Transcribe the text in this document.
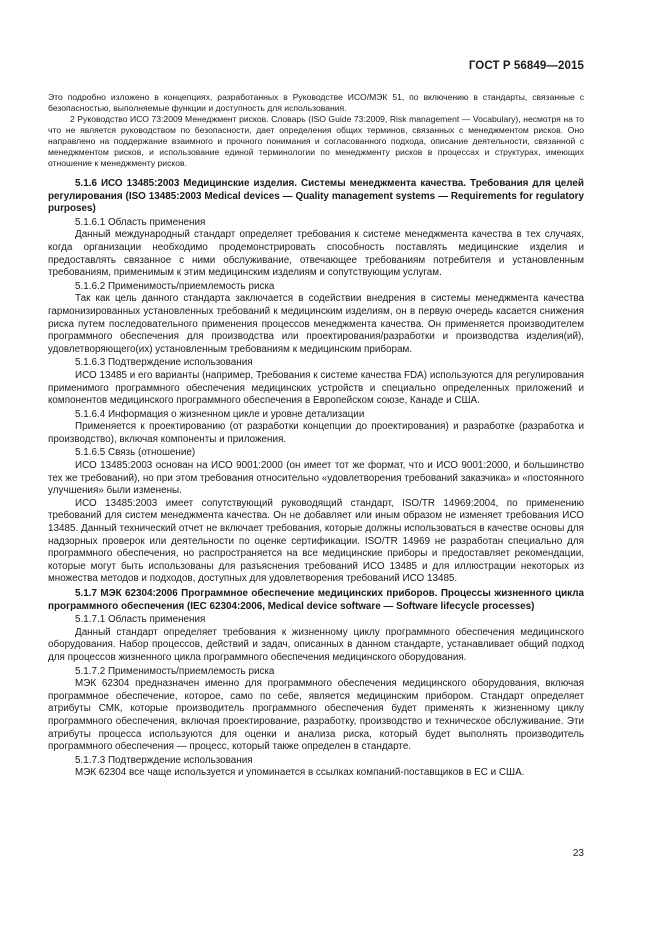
ГОСТ Р 56849—2015

Это подробно изложено в концепциях, разработанных в Руководстве ИСО/МЭК 51, по включению в стандарты, связанные с безопасностью, выполняемые функции и доступность для использования.

2 Руководство ИСО 73:2009 Менеджмент рисков. Словарь (ISO Guide 73:2009, Risk management — Vocabulary), несмотря на то что не является руководством по безопасности, дает определения общих терминов, связанных с менеджментом рисков. Оно направлено на поддержание взаимного и прочного понимания и согласованного подхода, описание деятельности, связанной с менеджментом рисков, и использование единой терминологии по менеджменту рисков в процессах и структурах, имеющих отношение к менеджменту рисков.

5.1.6 ИСО 13485:2003 Медицинские изделия. Системы менеджмента качества. Требования для целей регулирования (ISO 13485:2003 Medical devices — Quality management systems — Requirements for regulatory purposes)

5.1.6.1 Область применения

Данный международный стандарт определяет требования к системе менеджмента качества в тех случаях, когда организации необходимо продемонстрировать способность поставлять медицинские изделия и предоставлять связанное с ними обслуживание, отвечающее требованиям потребителя и установленным требованиям, применимым к этим медицинским изделиям и сопутствующим услугам.

5.1.6.2 Применимость/приемлемость риска

Так как цель данного стандарта заключается в содействии внедрения в системы менеджмента качества гармонизированных установленных требований к медицинским изделиям, он в первую очередь касается снижения риска путем последовательного применения процессов менеджмента качества. Он применяется производителем программного обеспечения для производства или проектирования/разработки и производства изделия(ий), удовлетворяющего(их) установленным требованиям к медицинским приборам.

5.1.6.3 Подтверждение использования

ИСО 13485 и его варианты (например, Требования к системе качества FDA) используются для регулирования применимого программного обеспечения медицинских устройств и специально определенных приложений и компонентов медицинского программного обеспечения в Европейском союзе, Канаде и США.

5.1.6.4 Информация о жизненном цикле и уровне детализации

Применяется к проектированию (от разработки концепции до проектирования) и разработке (разработка и производство), включая компоненты и приложения.

5.1.6.5 Связь (отношение)

ИСО 13485:2003 основан на ИСО 9001:2000 (он имеет тот же формат, что и ИСО 9001:2000, и большинство тех же требований), но при этом требования относительно «удовлетворения требований заказчика» и «постоянного улучшения» были изменены.

ИСО 13485:2003 имеет сопутствующий руководящий стандарт, ISO/TR 14969:2004, по применению требований для систем менеджмента качества. Он не добавляет или иным образом не изменяет требования ИСО 13485. Данный технический отчет не включает требования, которые должны использоваться в качестве основы для надзорных проверок или деятельности по оценке сертификации. ISO/TR 14969 не разработан специально для программного обеспечения, но распространяется на все медицинские приборы и предоставляет рекомендации, которые могут быть использованы для разъяснения требований ИСО 13485 и для иллюстрации некоторых из множества методов и подходов, доступных для удовлетворения требований ИСО 13485.

5.1.7 МЭК 62304:2006 Программное обеспечение медицинских приборов. Процессы жизненного цикла программного обеспечения (IEC 62304:2006, Medical device software — Software lifecycle processes)

5.1.7.1 Область применения

Данный стандарт определяет требования к жизненному циклу программного обеспечения медицинского оборудования. Набор процессов, действий и задач, описанных в данном стандарте, устанавливает общий подход для процессов жизненного цикла программного обеспечения медицинского оборудования.

5.1.7.2 Применимость/приемлемость риска

МЭК 62304 предназначен именно для программного обеспечения медицинского оборудования, включая программное обеспечение, которое, само по себе, является медицинским прибором. Стандарт определяет атрибуты СМК, которые производитель программного обеспечения будет применять к жизненному циклу программного обеспечения, включая проектирование, разработку, производство и техническое обслуживание. Эти атрибуты процесса используются для оценки и анализа риска, который будет выполнять производитель программного обеспечения — процесс, который также определен в стандарте.

5.1.7.3 Подтверждение использования

МЭК 62304 все чаще используется и упоминается в ссылках компаний-поставщиков в ЕС и США.

23
